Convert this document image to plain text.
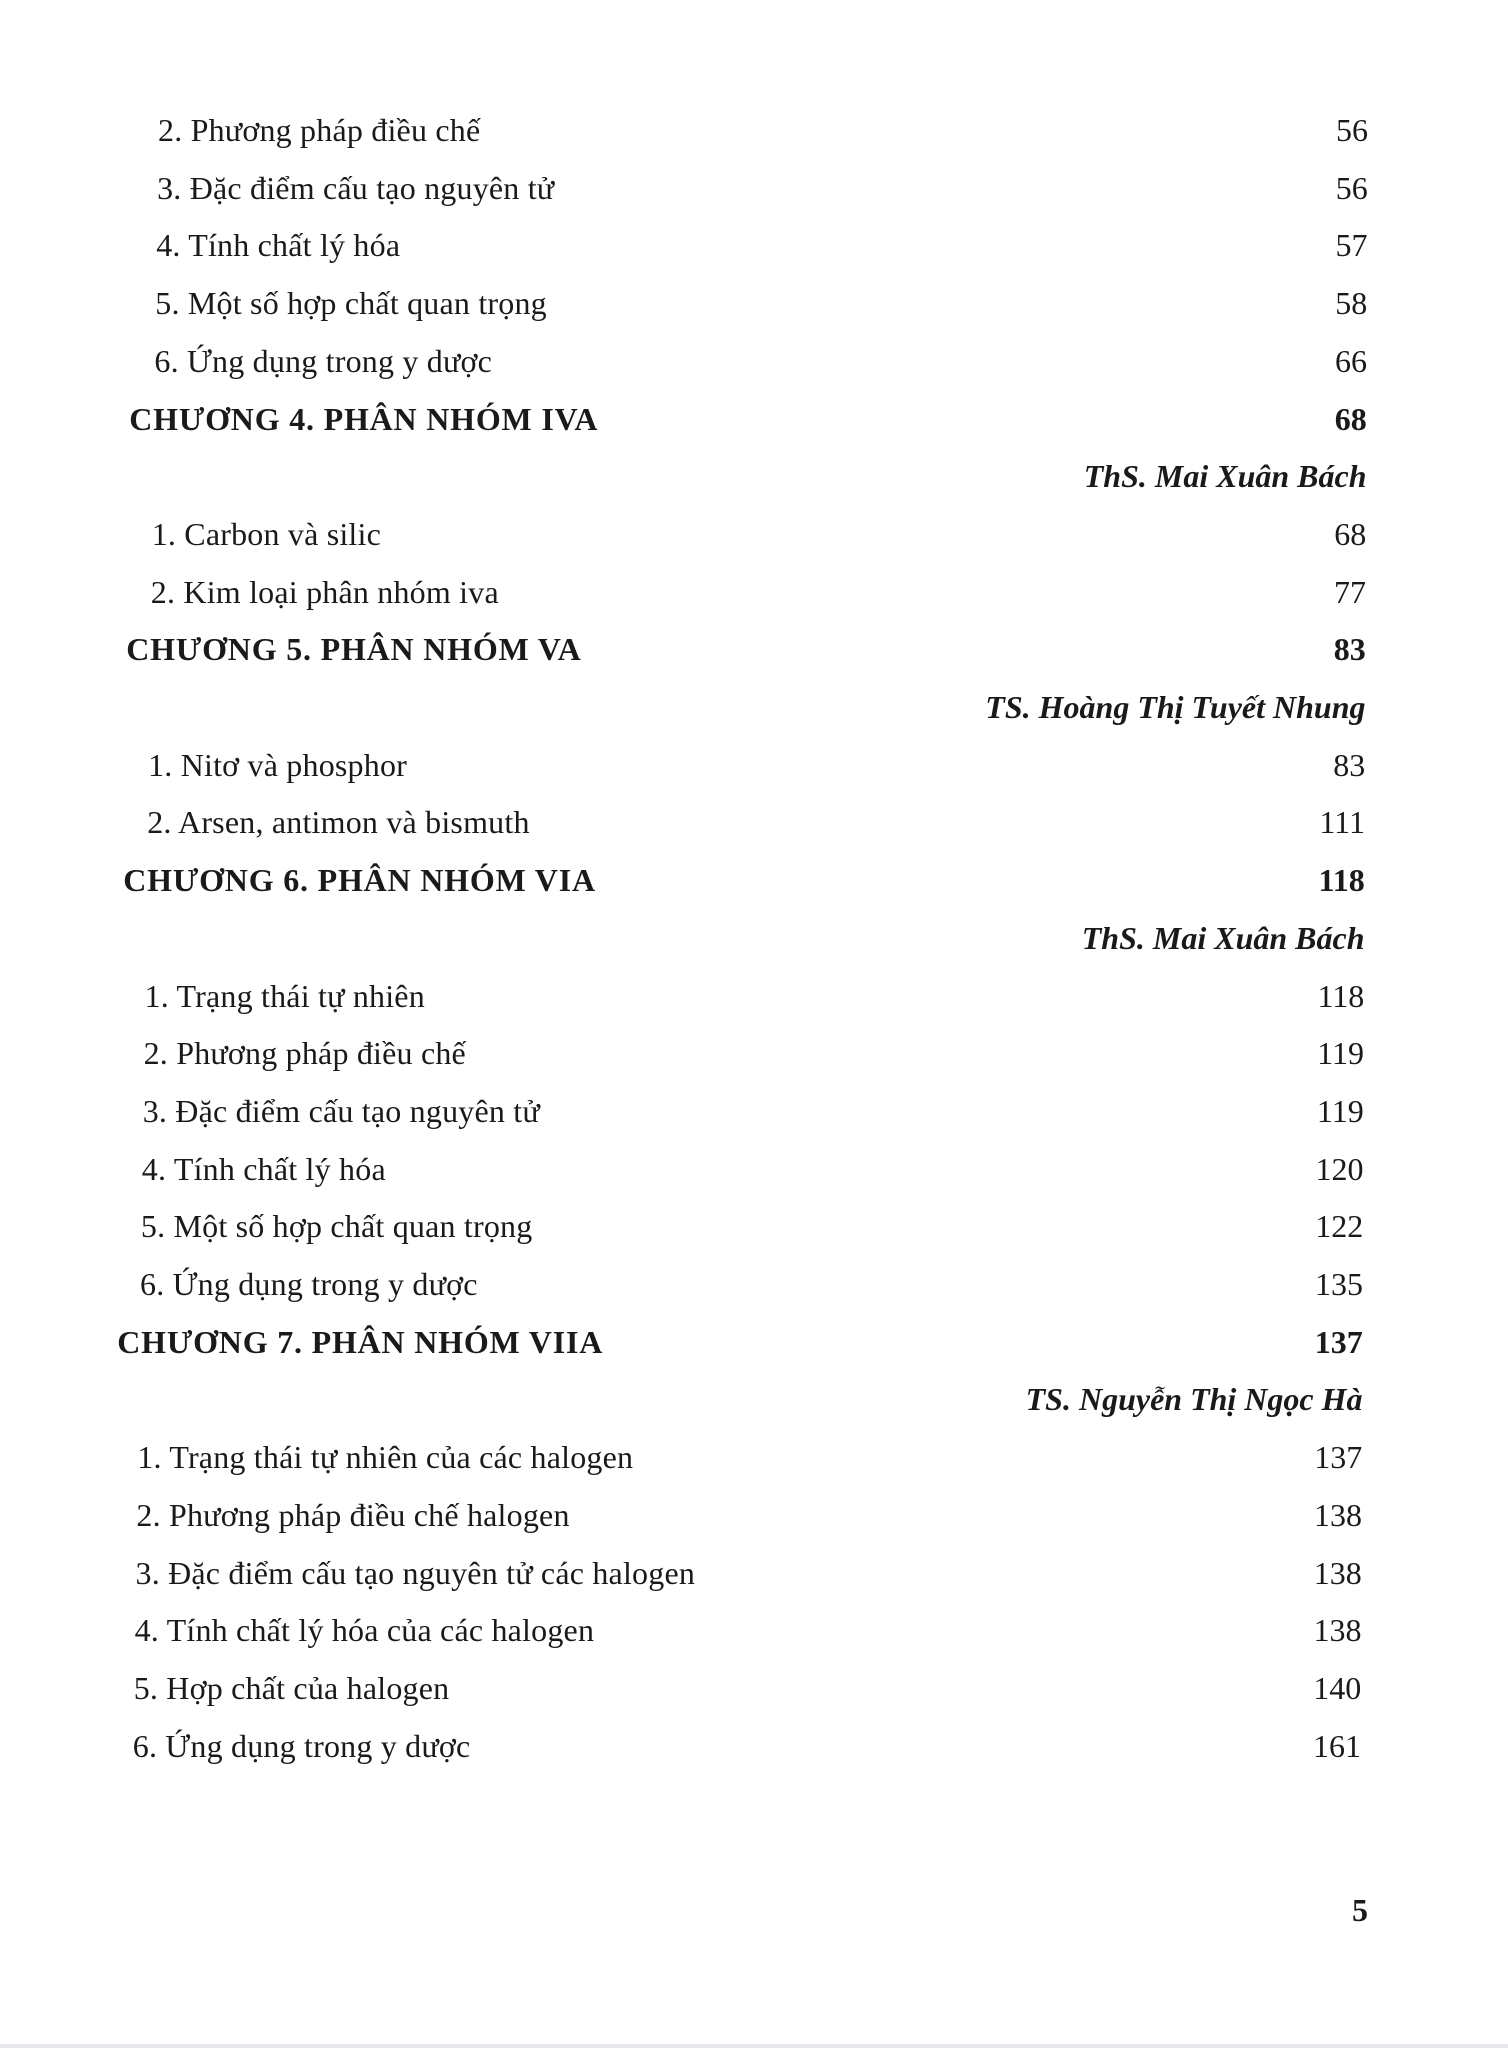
2. Phương pháp điều chế	56
3. Đặc điểm cấu tạo nguyên tử	56
4. Tính chất lý hóa	57
5. Một số hợp chất quan trọng	58
6. Ứng dụng trong y dược	66
CHƯƠNG 4. PHÂN NHÓM IVA	68
ThS. Mai Xuân Bách
1. Carbon và silic	68
2. Kim loại phân nhóm iva	77
CHƯƠNG 5. PHÂN NHÓM VA	83
TS. Hoàng Thị Tuyết Nhung
1. Nitơ và phosphor	83
2. Arsen, antimon và bismuth	111
CHƯƠNG 6. PHÂN NHÓM VIA	118
ThS. Mai Xuân Bách
1. Trạng thái tự nhiên	118
2. Phương pháp điều chế	119
3. Đặc điểm cấu tạo nguyên tử	119
4. Tính chất lý hóa	120
5. Một số hợp chất quan trọng	122
6. Ứng dụng trong y dược	135
CHƯƠNG 7. PHÂN NHÓM VIIA	137
TS. Nguyễn Thị Ngọc Hà
1. Trạng thái tự nhiên của các halogen	137
2. Phương pháp điều chế halogen	138
3. Đặc điểm cấu tạo nguyên tử các halogen	138
4. Tính chất lý hóa của các halogen	138
5. Hợp chất của halogen	140
6. Ứng dụng trong y dược	161
5
